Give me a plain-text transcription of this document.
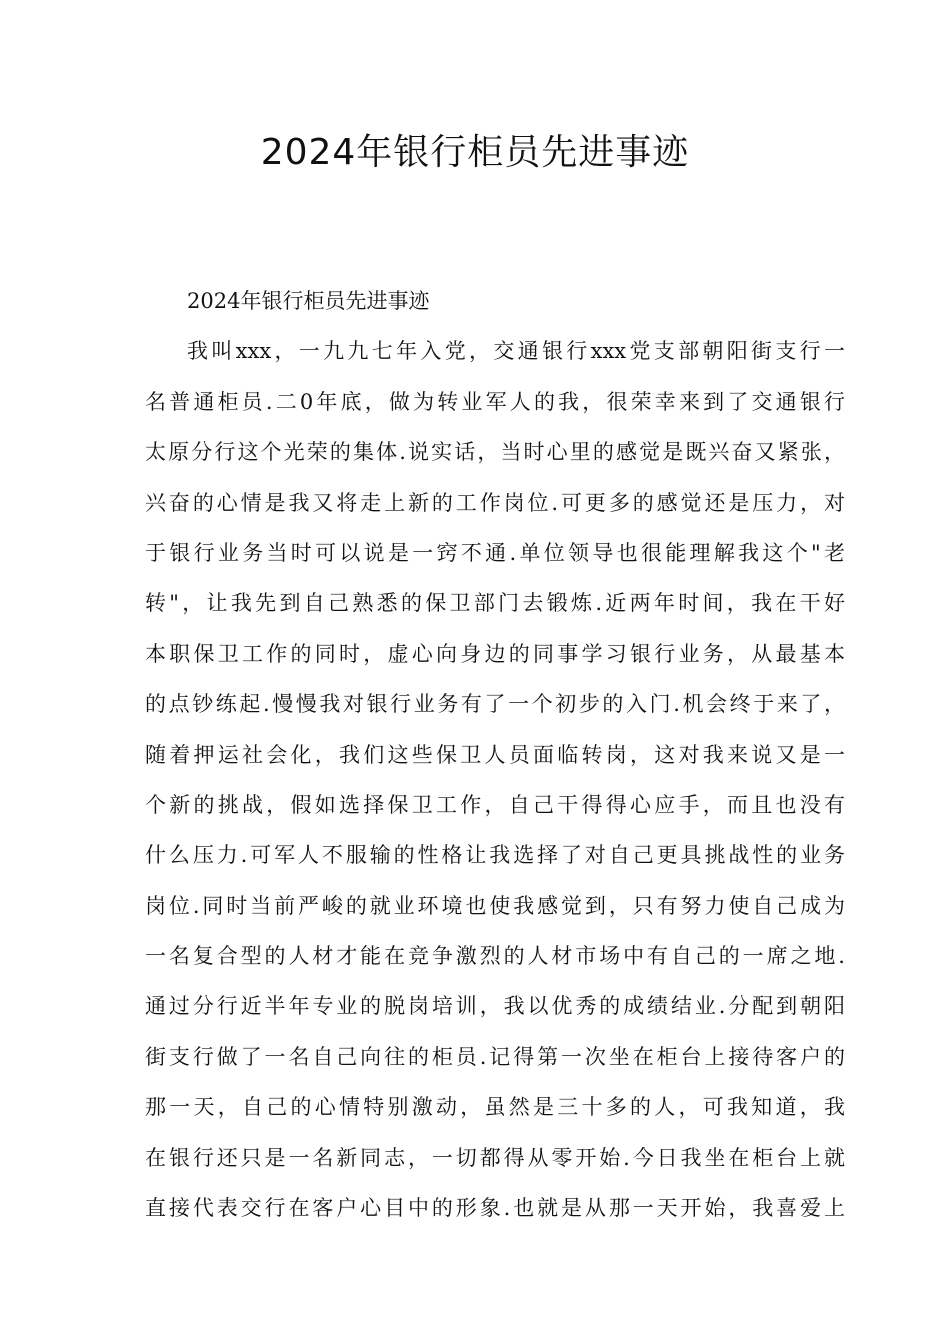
2024年银行柜员先进事迹

2024年银行柜员先进事迹

我叫xxx，一九九七年入党，交通银行xxx党支部朝阳街支行一

名普通柜员.二0年底，做为转业军人的我，很荣幸来到了交通银行

太原分行这个光荣的集体.说实话，当时心里的感觉是既兴奋又紧张，

兴奋的心情是我又将走上新的工作岗位.可更多的感觉还是压力，对

于银行业务当时可以说是一窍不通.单位领导也很能理解我这个"老

转"，让我先到自己熟悉的保卫部门去锻炼.近两年时间，我在干好

本职保卫工作的同时，虚心向身边的同事学习银行业务，从最基本

的点钞练起.慢慢我对银行业务有了一个初步的入门.机会终于来了，

随着押运社会化，我们这些保卫人员面临转岗，这对我来说又是一

个新的挑战，假如选择保卫工作，自己干得得心应手，而且也没有

什么压力.可军人不服输的性格让我选择了对自己更具挑战性的业务

岗位.同时当前严峻的就业环境也使我感觉到，只有努力使自己成为

一名复合型的人材才能在竞争激烈的人材市场中有自己的一席之地.

通过分行近半年专业的脱岗培训，我以优秀的成绩结业.分配到朝阳

街支行做了一名自己向往的柜员.记得第一次坐在柜台上接待客户的

那一天，自己的心情特别激动，虽然是三十多的人，可我知道，我

在银行还只是一名新同志，一切都得从零开始.今日我坐在柜台上就

直接代表交行在客户心目中的形象.也就是从那一天开始，我喜爱上
